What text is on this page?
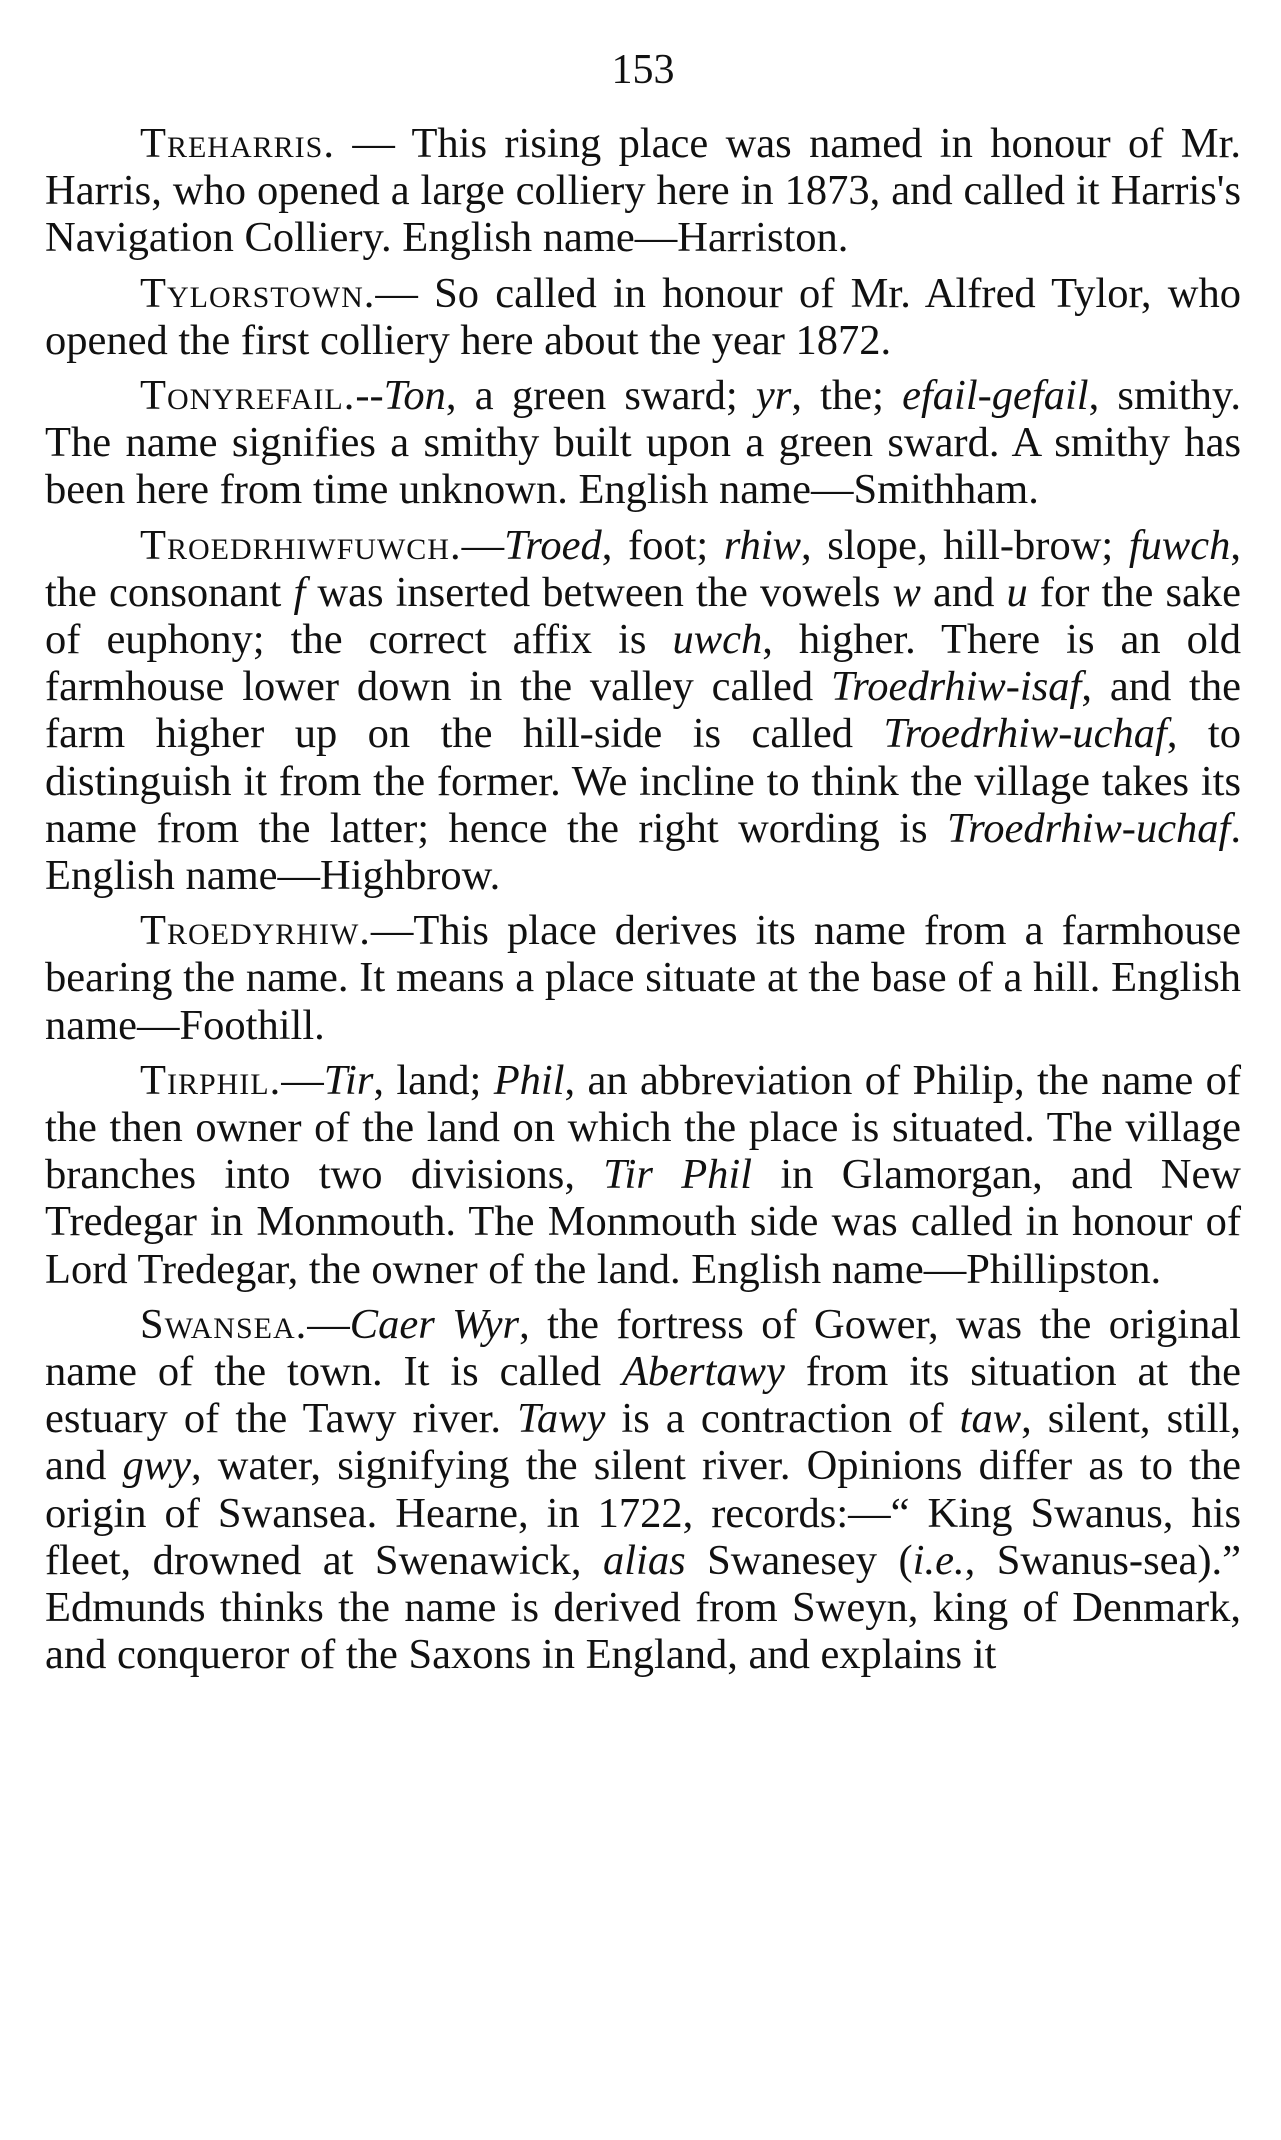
153

Treharris. — This rising place was named in honour of Mr. Harris, who opened a large colliery here in 1873, and called it Harris's Navigation Colliery. English name—Harriston.

Tylorstown.— So called in honour of Mr. Alfred Tylor, who opened the first colliery here about the year 1872.

Tonyrefail.--Ton, a green sward; yr, the; efail-gefail, smithy. The name signifies a smithy built upon a green sward. A smithy has been here from time unknown. English name—Smithham.

Troedrhiwfuwch.—Troed, foot; rhiw, slope, hill-brow; fuwch, the consonant f was inserted between the vowels w and u for the sake of euphony; the correct affix is uwch, higher. There is an old farmhouse lower down in the valley called Troedrhiw-isaf, and the farm higher up on the hill-side is called Troedrhiw-uchaf, to distinguish it from the former. We incline to think the village takes its name from the latter; hence the right wording is Troedrhiw-uchaf. English name—Highbrow.

Troedyrhiw.—This place derives its name from a farmhouse bearing the name. It means a place situate at the base of a hill. English name—Foothill.

Tirphil.—Tir, land; Phil, an abbreviation of Philip, the name of the then owner of the land on which the place is situated. The village branches into two divisions, Tir Phil in Glamorgan, and New Tredegar in Monmouth. The Monmouth side was called in honour of Lord Tredegar, the owner of the land. English name—Phillipston.

Swansea.—Caer Wyr, the fortress of Gower, was the original name of the town. It is called Abertawy from its situation at the estuary of the Tawy river. Tawy is a contraction of taw, silent, still, and gwy, water, signifying the silent river. Opinions differ as to the origin of Swansea. Hearne, in 1722, records:—“ King Swanus, his fleet, drowned at Swenawick, alias Swanesey (i.e., Swanus-sea).” Edmunds thinks the name is derived from Sweyn, king of Denmark, and conqueror of the Saxons in England, and explains it
